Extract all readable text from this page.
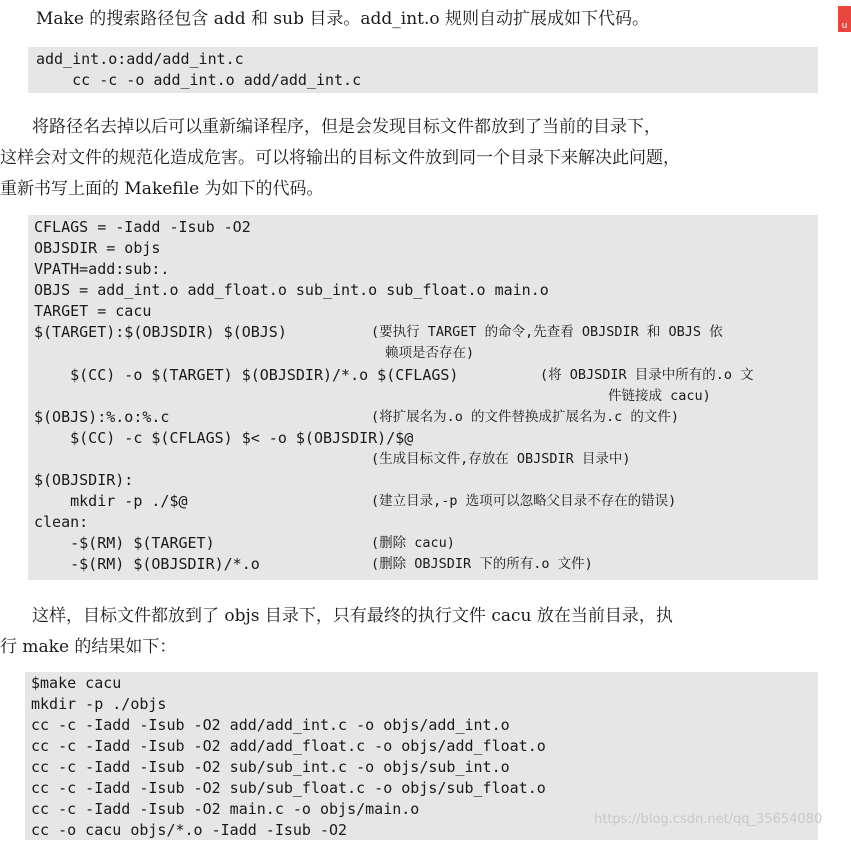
Make 的搜索路径包含 add 和 sub 目录。add_int.o 规则自动扩展成如下代码。

add_int.o:add/add_int.c
cc -c -o add_int.o add/add_int.c

将路径名去掉以后可以重新编译程序，但是会发现目标文件都放到了当前的目录下，

这样会对文件的规范化造成危害。可以将输出的目标文件放到同一个目录下来解决此问题，

重新书写上面的 Makefile 为如下的代码。

CFLAGS = -Iadd -Isub -O2
OBJSDIR = objs
VPATH=add:sub:.
OBJS = add_int.o add_float.o sub_int.o sub_float.o main.o
TARGET = cacu
$(TARGET):$(OBJSDIR) $(OBJS)
$(CC) -o $(TARGET) $(OBJSDIR)/*.o $(CFLAGS)
$(OBJS):%.o:%.c
$(CC) -c $(CFLAGS) $< -o $(OBJSDIR)/$@
$(OBJSDIR):
mkdir -p ./$@
clean:
-$(RM) $(TARGET)
-$(RM) $(OBJSDIR)/*.o
(要执行 TARGET 的命令,先查看 OBJSDIR 和 OBJS 依
赖项是否存在)
(将 OBJSDIR 目录中所有的.o 文
件链接成 cacu)
(将扩展名为.o 的文件替换成扩展名为.c 的文件)
(生成目标文件,存放在 OBJSDIR 目录中)
(建立目录,-p 选项可以忽略父目录不存在的错误)
(删除 cacu)
(删除 OBJSDIR 下的所有.o 文件)

这样，目标文件都放到了 objs 目录下，只有最终的执行文件 cacu 放在当前目录，执

行 make 的结果如下：

$make cacu
mkdir -p ./objs
cc -c -Iadd -Isub -O2 add/add_int.c -o objs/add_int.o
cc -c -Iadd -Isub -O2 add/add_float.c -o objs/add_float.o
cc -c -Iadd -Isub -O2 sub/sub_int.c -o objs/sub_int.o
cc -c -Iadd -Isub -O2 sub/sub_float.c -o objs/sub_float.o
cc -c -Iadd -Isub -O2 main.c -o objs/main.o
cc -o cacu objs/*.o -Iadd -Isub -O2
u
https://blog.csdn.net/qq_35654080
